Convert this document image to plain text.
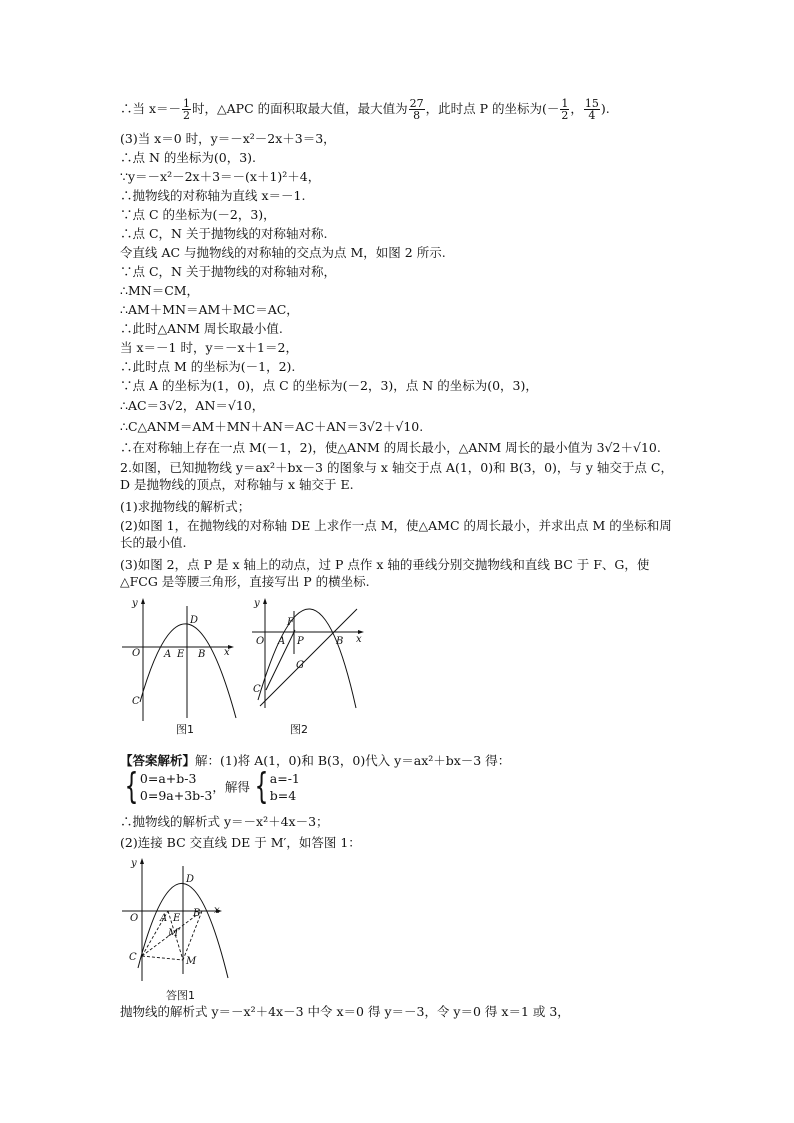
∴当 $x=- \frac{1}{2}$ 时，△APC 的面积取最大值，最大值为 $\frac{27}{8}$ ，此时点 P 的坐标为(－ $\frac{1}{2}$ ， $\frac{15}{4}$ ).
(3)当 x＝0 时，y＝－x²－2x＋3＝3，
∴点 N 的坐标为(0，3).
∵y＝－x²－2x＋3＝－(x＋1)²＋4，
∴抛物线的对称轴为直线 x＝－1.
∵点 C 的坐标为(－2，3)，
∴点 C，N 关于抛物线的对称轴对称.
令直线 AC 与抛物线的对称轴的交点为点 M，如图 2 所示.
∵点 C，N 关于抛物线的对称轴对称，
∴MN＝CM，
∴AM＋MN＝AM＋MC＝AC，
∴此时△ANM 周长取最小值.
当 x＝－1 时，y＝－x＋1＝2，
∴此时点 M 的坐标为(－1，2).
∵点 A 的坐标为(1，0)，点 C 的坐标为(－2，3)，点 N 的坐标为(0，3)，
∴AC＝3√2，AN＝√10，
∴C△ANM＝AM＋MN＋AN＝AC＋AN＝3√2＋√10.
∴在对称轴上存在一点 M(－1，2)，使△ANM 的周长最小，△ANM 周长的最小值为 3√2＋√10.
2.如图，已知抛物线 y＝ax²＋bx－3 的图象与 x 轴交于点 A(1，0)和 B(3，0)，与 y 轴交于点 C，D 是抛物线的顶点，对称轴与 x 轴交于 E.
(1)求抛物线的解析式；
(2)如图 1，在抛物线的对称轴 DE 上求作一点 M，使△AMC 的周长最小，并求出点 M 的坐标和周长的最小值.
(3)如图 2，点 P 是 x 轴上的动点，过 P 点作 x 轴的垂线分别交抛物线和直线 BC 于 F、G，使△FCG 是等腰三角形，直接写出 P 的横坐标.
y
x
O A E B
D
C
图1
y
x
O A P	B
F
G
C
图2
【答案解析】解：(1)将 A(1，0)和 B(3，0)代入 y＝ax²＋bx－3 得：
{ 0=a+b-3
0=9a+3b-3，解得 { a=-1
b=4
∴抛物线的解析式 y＝－x²＋4x－3；
(2)连接 BC 交直线 DE 于 M′，如答图 1：
y
x
O A E B
D
C
M′
M
答图1
抛物线的解析式 y＝－x²＋4x－3 中令 x＝0 得 y＝－3，令 y＝0 得 x＝1 或 3，
